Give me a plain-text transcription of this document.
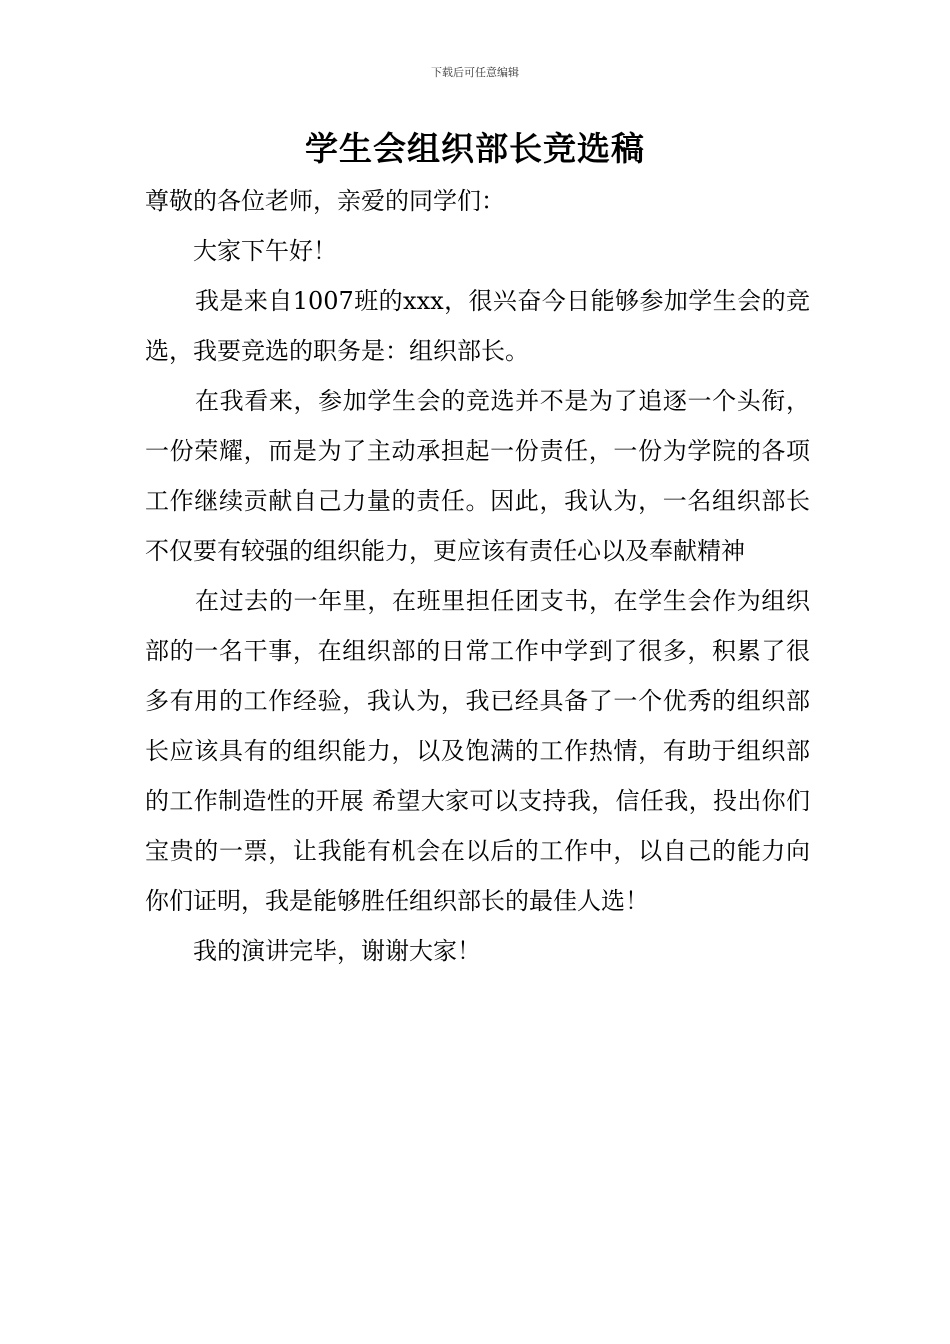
下载后可任意编辑
学生会组织部长竞选稿

尊敬的各位老师，亲爱的同学们：

大家下午好！

我是来自1007班的xxx，很兴奋今日能够参加学生会的竞选，我要竞选的职务是：组织部长。

在我看来，参加学生会的竞选并不是为了追逐一个头衔，一份荣耀，而是为了主动承担起一份责任，一份为学院的各项工作继续贡献自己力量的责任。因此，我认为，一名组织部长不仅要有较强的组织能力，更应该有责任心以及奉献精神

在过去的一年里，在班里担任团支书，在学生会作为组织部的一名干事，在组织部的日常工作中学到了很多，积累了很多有用的工作经验，我认为，我已经具备了一个优秀的组织部长应该具有的组织能力，以及饱满的工作热情，有助于组织部的工作制造性的开展 希望大家可以支持我，信任我，投出你们宝贵的一票，让我能有机会在以后的工作中，以自己的能力向你们证明，我是能够胜任组织部长的最佳人选！

我的演讲完毕，谢谢大家！
